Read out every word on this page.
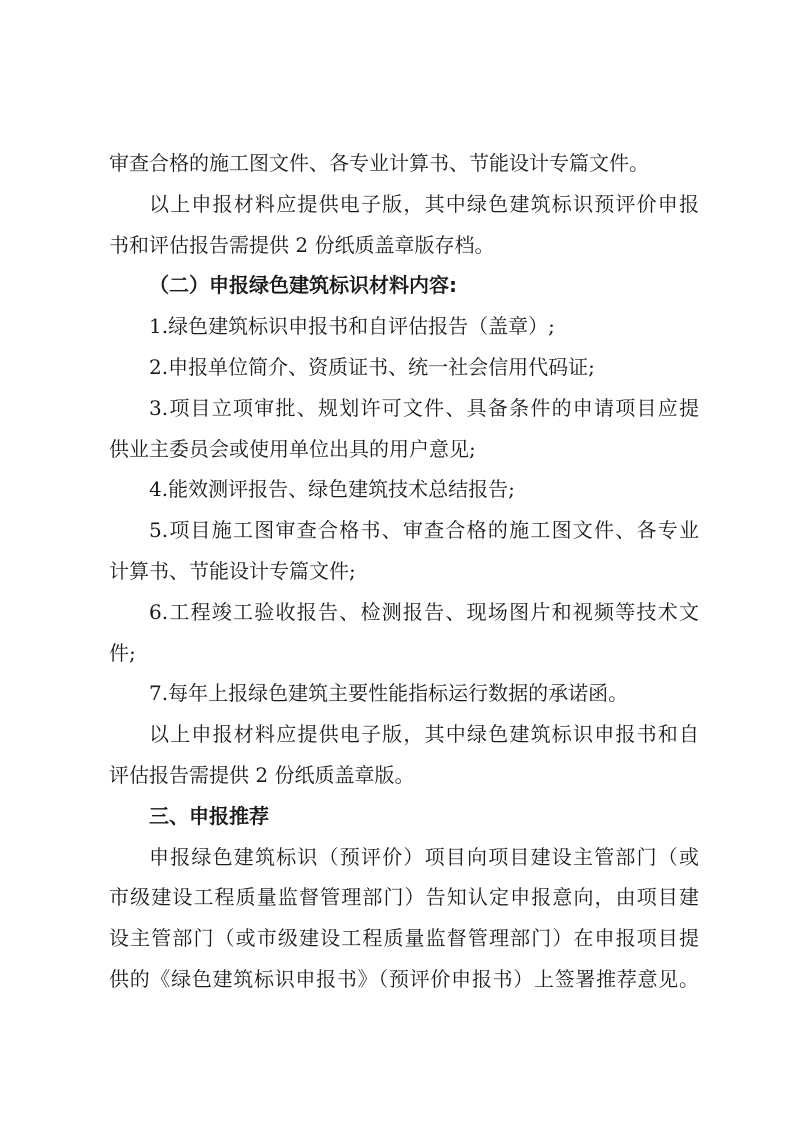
审查合格的施工图文件、各专业计算书、节能设计专篇文件。
以上申报材料应提供电子版，其中绿色建筑标识预评价申报
书和评估报告需提供 2 份纸质盖章版存档。
（二）申报绿色建筑标识材料内容:
1.绿色建筑标识申报书和自评估报告（盖章）;
2.申报单位简介、资质证书、统一社会信用代码证;
3.项目立项审批、规划许可文件、具备条件的申请项目应提
供业主委员会或使用单位出具的用户意见;
4.能效测评报告、绿色建筑技术总结报告;
5.项目施工图审查合格书、审查合格的施工图文件、各专业
计算书、节能设计专篇文件;
6.工程竣工验收报告、检测报告、现场图片和视频等技术文
件;
7.每年上报绿色建筑主要性能指标运行数据的承诺函。
以上申报材料应提供电子版，其中绿色建筑标识申报书和自
评估报告需提供 2 份纸质盖章版。
三、申报推荐
申报绿色建筑标识（预评价）项目向项目建设主管部门（或
市级建设工程质量监督管理部门）告知认定申报意向，由项目建
设主管部门（或市级建设工程质量监督管理部门）在申报项目提
供的《绿色建筑标识申报书》（预评价申报书）上签署推荐意见。
